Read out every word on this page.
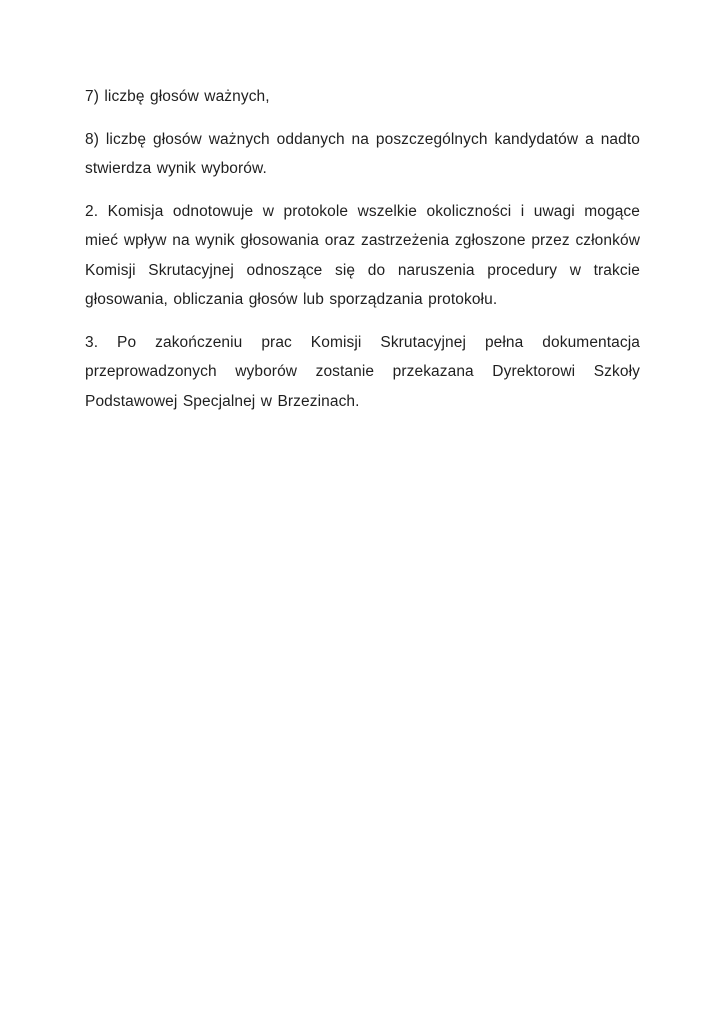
7) liczbę głosów ważnych,

8) liczbę głosów ważnych oddanych na poszczególnych kandydatów a nadto stwierdza wynik wyborów.

2. Komisja odnotowuje w protokole wszelkie okoliczności i uwagi mogące mieć wpływ na wynik głosowania oraz zastrzeżenia zgłoszone przez członków Komisji Skrutacyjnej odnoszące się do naruszenia procedury w trakcie głosowania, obliczania głosów lub sporządzania protokołu.

3. Po zakończeniu prac Komisji Skrutacyjnej pełna dokumentacja przeprowadzonych wyborów zostanie przekazana Dyrektorowi Szkoły Podstawowej Specjalnej w Brzezinach.
